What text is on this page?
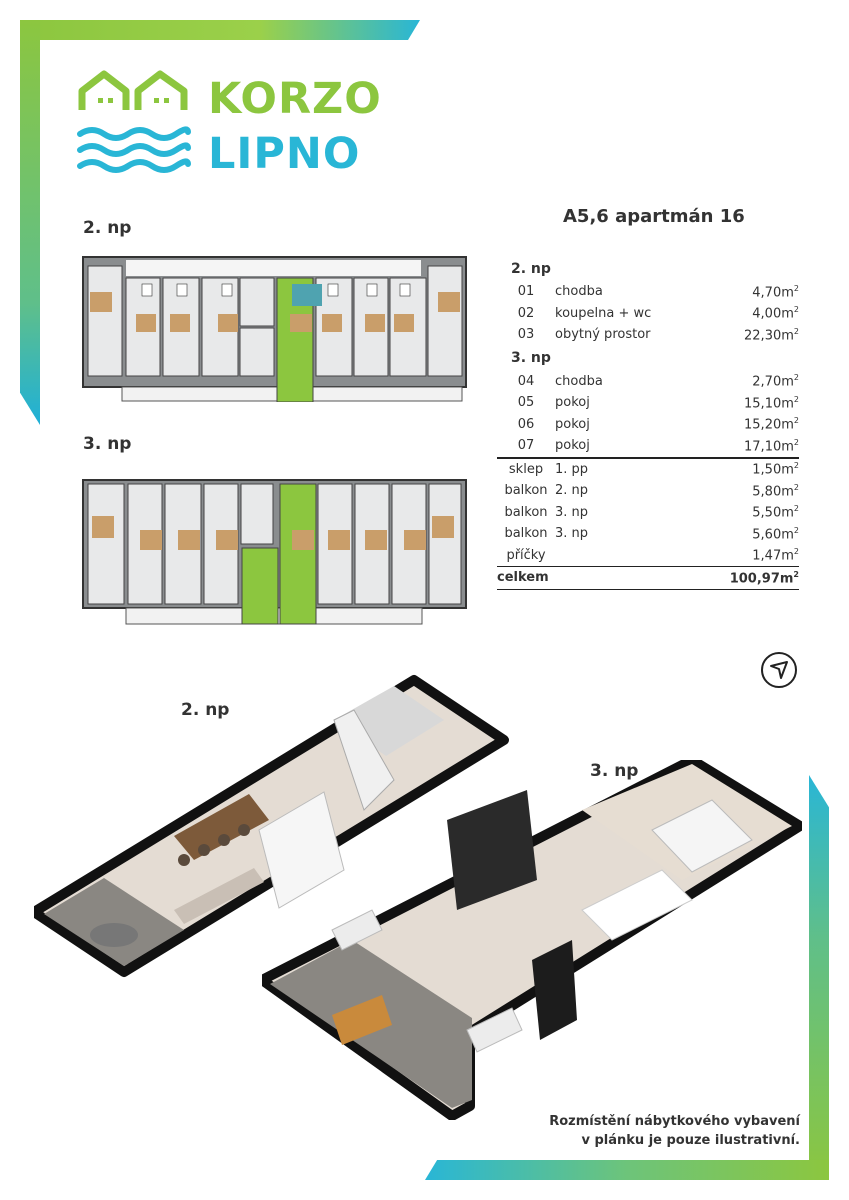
KORZO
LIPNO
A5,6 apartmán 16
2. np
3. np
2. np		
01	chodba	$4,70m^2$
02	koupelna + wc	$4,00m^2$
03	obytný prostor	$22,30m^2$
3. np		
04	chodba	$2,70m^2$
05	pokoj	$15,10m^2$
06	pokoj	$15,20m^2$
07	pokoj	$17,10m^2$
sklep	1. pp	$1,50m^2$
balkon	2. np	$5,80m^2$
balkon	3. np	$5,50m^2$
balkon	3. np	$5,60m^2$
příčky		$1,47m^2$
celkem		$100,97m^2$
2. np
3. np
Rozmístění nábytkového vybavení
v plánku je pouze ilustrativní.
